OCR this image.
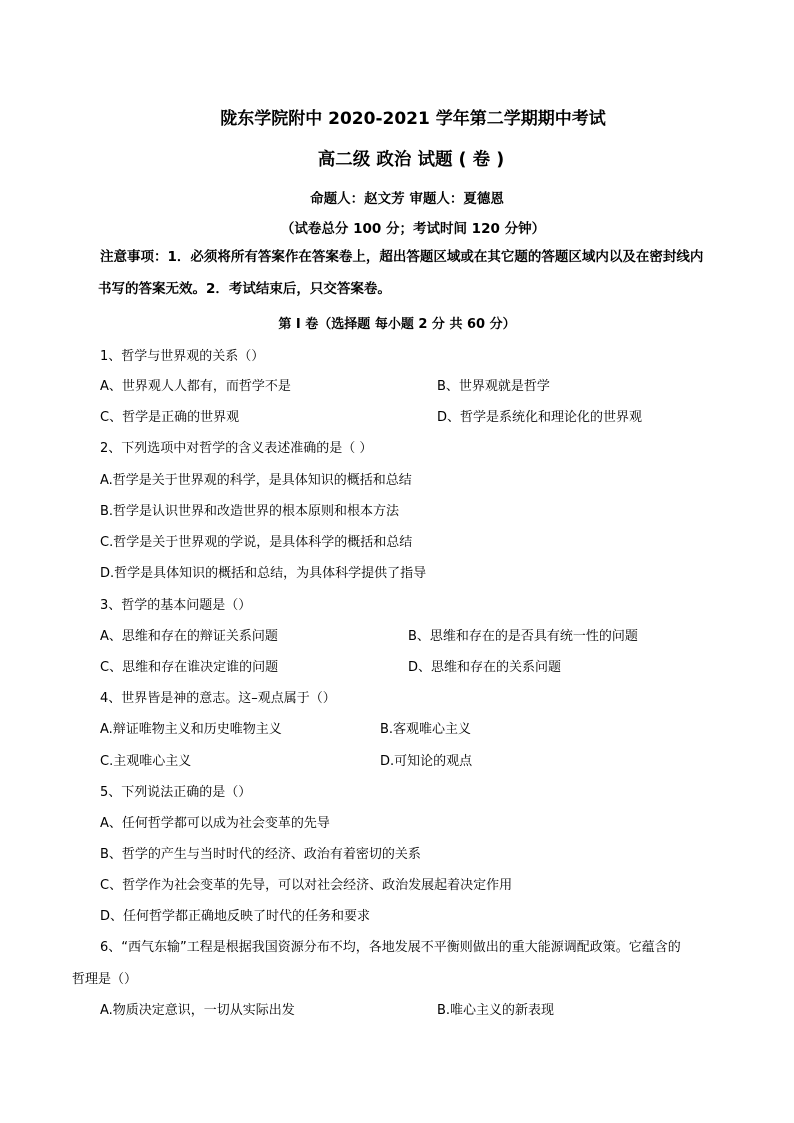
陇东学院附中 2020-2021 学年第二学期期中考试
高二级 政治 试题 ( 卷 )
命题人：赵文芳 审题人：夏德恩
（试卷总分 100 分；考试时间 120 分钟）
注意事项：1．必须将所有答案作在答案卷上，超出答题区域或在其它题的答题区域内以及在密封线内
书写的答案无效。2．考试结束后，只交答案卷。
第 I 卷（选择题 每小题 2 分 共 60 分）
1、哲学与世界观的关系（）
A、世界观人人都有，而哲学不是	B、世界观就是哲学
C、哲学是正确的世界观	D、哲学是系统化和理论化的世界观
2、下列选项中对哲学的含义表述准确的是（ ）
A.哲学是关于世界观的科学，是具体知识的概括和总结
B.哲学是认识世界和改造世界的根本原则和根本方法
C.哲学是关于世界观的学说，是具体科学的概括和总结
D.哲学是具体知识的概括和总结，为具体科学提供了指导
3、哲学的基本问题是（）
A、思维和存在的辩证关系问题	B、思维和存在的是否具有统一性的问题
C、思维和存在谁决定谁的问题	D、思维和存在的关系问题
4、世界皆是神的意志。这–观点属于（）
A.辩证唯物主义和历史唯物主义	B.客观唯心主义
C.主观唯心主义	D.可知论的观点
5、下列说法正确的是（）
A、任何哲学都可以成为社会变革的先导
B、哲学的产生与当时时代的经济、政治有着密切的关系
C、哲学作为社会变革的先导，可以对社会经济、政治发展起着决定作用
D、任何哲学都正确地反映了时代的任务和要求
6、“西气东输”工程是根据我国资源分布不均，各地发展不平衡则做出的重大能源调配政策。它蕴含的
哲理是（）
A.物质决定意识，一切从实际出发	B.唯心主义的新表现
